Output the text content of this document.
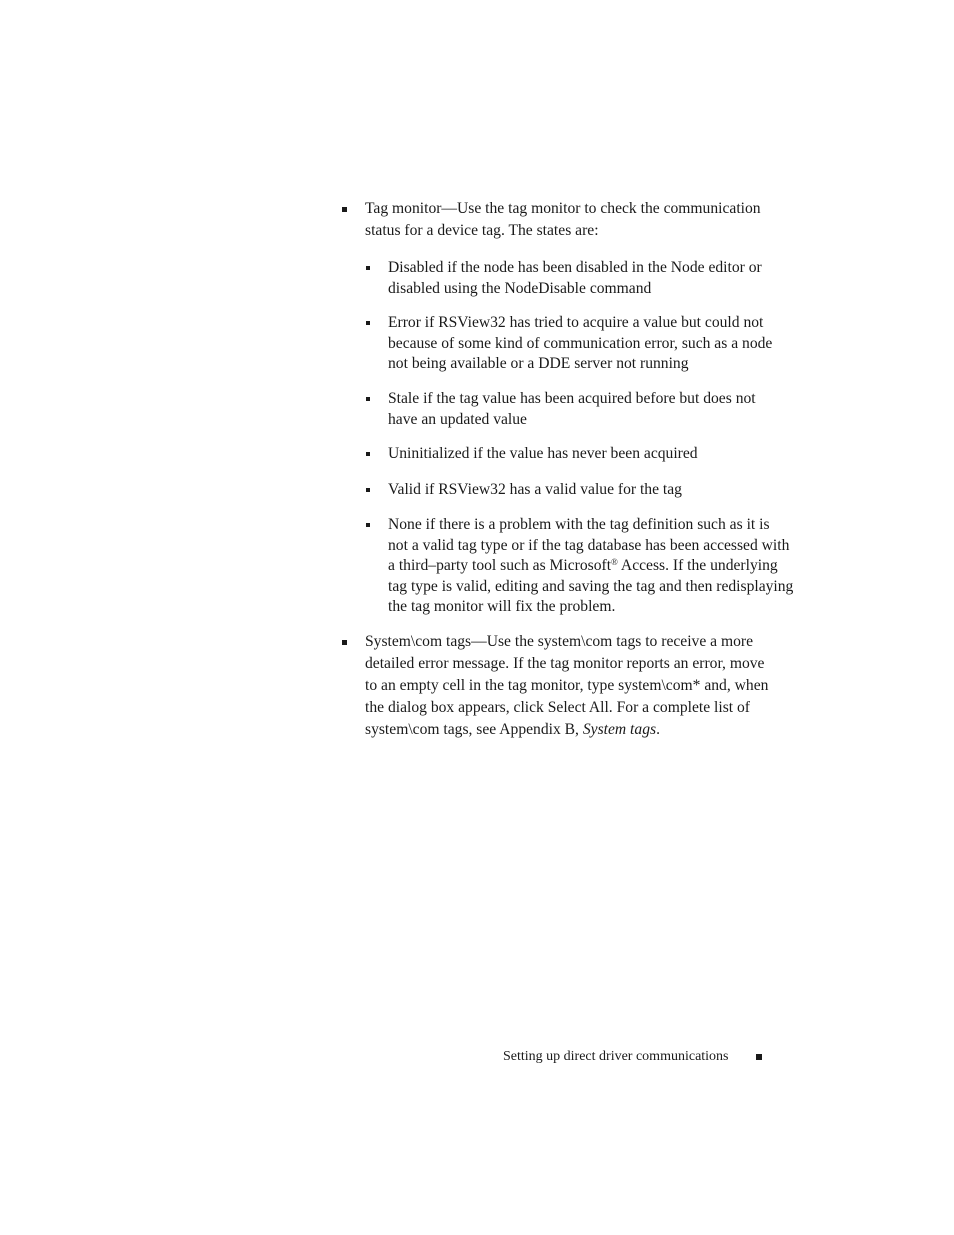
Tag monitor—Use the tag monitor to check the communication
status for a device tag. The states are:
Disabled if the node has been disabled in the Node editor or
disabled using the NodeDisable command
Error if RSView32 has tried to acquire a value but could not
because of some kind of communication error, such as a node
not being available or a DDE server not running
Stale if the tag value has been acquired before but does not
have an updated value
Uninitialized if the value has never been acquired
Valid if RSView32 has a valid value for the tag
None if there is a problem with the tag definition such as it is
not a valid tag type or if the tag database has been accessed with
a third–party tool such as Microsoft® Access. If the underlying
tag type is valid, editing and saving the tag and then redisplaying
the tag monitor will fix the problem.
System\com tags—Use the system\com tags to receive a more
detailed error message. If the tag monitor reports an error, move
to an empty cell in the tag monitor, type system\com* and, when
the dialog box appears, click Select All. For a complete list of
system\com tags, see Appendix B, System tags.
Setting up direct driver communications
